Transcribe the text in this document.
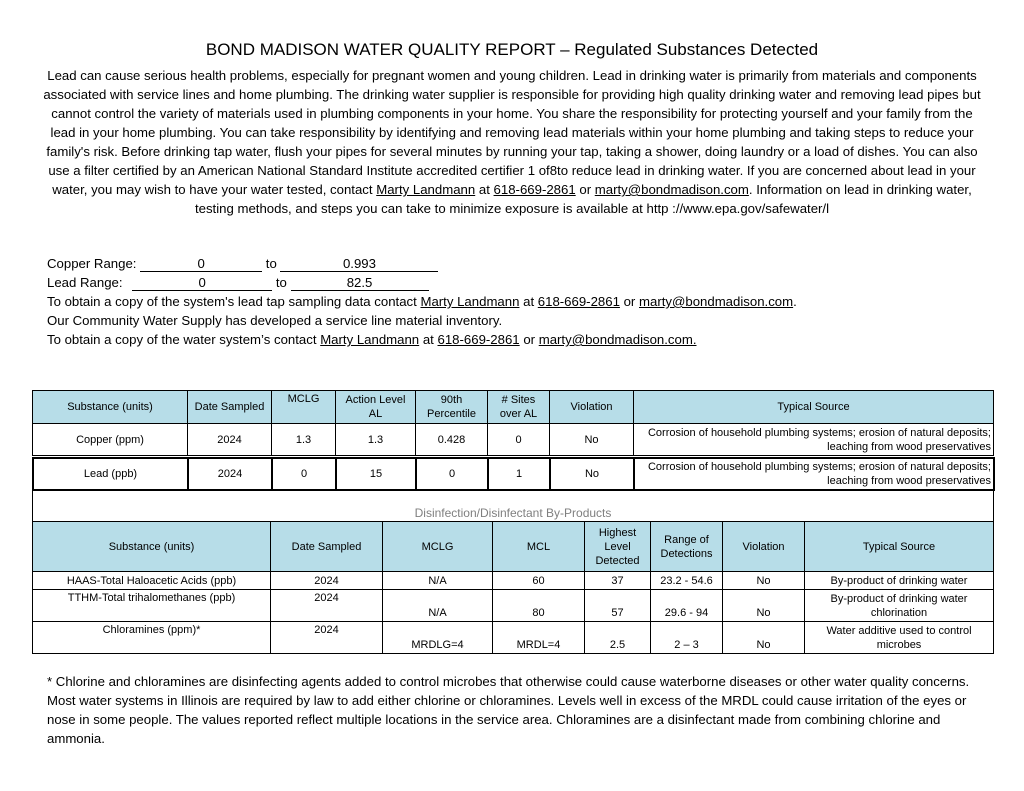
BOND MADISON WATER QUALITY REPORT – Regulated Substances Detected
Lead can cause serious health problems, especially for pregnant women and young children. Lead in drinking water is primarily from materials and components associated with service lines and home plumbing. The drinking water supplier is responsible for providing high quality drinking water and removing lead pipes but cannot control the variety of materials used in plumbing components in your home. You share the responsibility for protecting yourself and your family from the lead in your home plumbing. You can take responsibility by identifying and removing lead materials within your home plumbing and taking steps to reduce your family's risk. Before drinking tap water, flush your pipes for several minutes by running your tap, taking a shower, doing laundry or a load of dishes. You can also use a filter certified by an American National Standard Institute accredited certifier 1 of8to reduce lead in drinking water. If you are concerned about lead in your water, you may wish to have your water tested, contact Marty Landmann at 618-669-2861 or marty@bondmadison.com. Information on lead in drinking water, testing methods, and steps you can take to minimize exposure is available at http ://www.epa.gov/safewater/l
Copper Range:	0	to	0.993
Lead Range:	0	to	82.5
To obtain a copy of the system's lead tap sampling data contact Marty Landmann at 618-669-2861 or marty@bondmadison.com.
Our Community Water Supply has developed a service line material inventory.
To obtain a copy of the water system’s contact Marty Landmann at 618-669-2861 or marty@bondmadison.com.
Substance (units)	Date Sampled	MCLG	Action Level AL	90th Percentile	# Sites over AL	Violation	Typical Source
Copper (ppm)	2024	1.3	1.3	0.428	0	No	Corrosion of household plumbing systems; erosion of natural deposits; leaching from wood preservatives
Lead (ppb)	2024	0	15	0	1	No	Corrosion of household plumbing systems; erosion of natural deposits; leaching from wood preservatives
Disinfection/Disinfectant By-Products							
Substance (units)	Date Sampled	MCLG	MCL	Highest Level Detected	Range of Detections	Violation	Typical Source
HAAS-Total Haloacetic Acids (ppb)	2024	N/A	60	37	23.2 - 54.6	No	By-product of drinking water
TTHM-Total trihalomethanes (ppb)	2024	N/A	80	57	29.6 - 94	No	By-product of drinking water chlorination
Chloramines (ppm)*	2024	MRDLG=4	MRDL=4	2.5	2 – 3	No	Water additive used to control microbes
* Chlorine and chloramines are disinfecting agents added to control microbes that otherwise could cause waterborne diseases or other water quality concerns. Most water systems in Illinois are required by law to add either chlorine or chloramines. Levels well in excess of the MRDL could cause irritation of the eyes or nose in some people. The values reported reflect multiple locations in the service area. Chloramines are a disinfectant made from combining chlorine and ammonia.
